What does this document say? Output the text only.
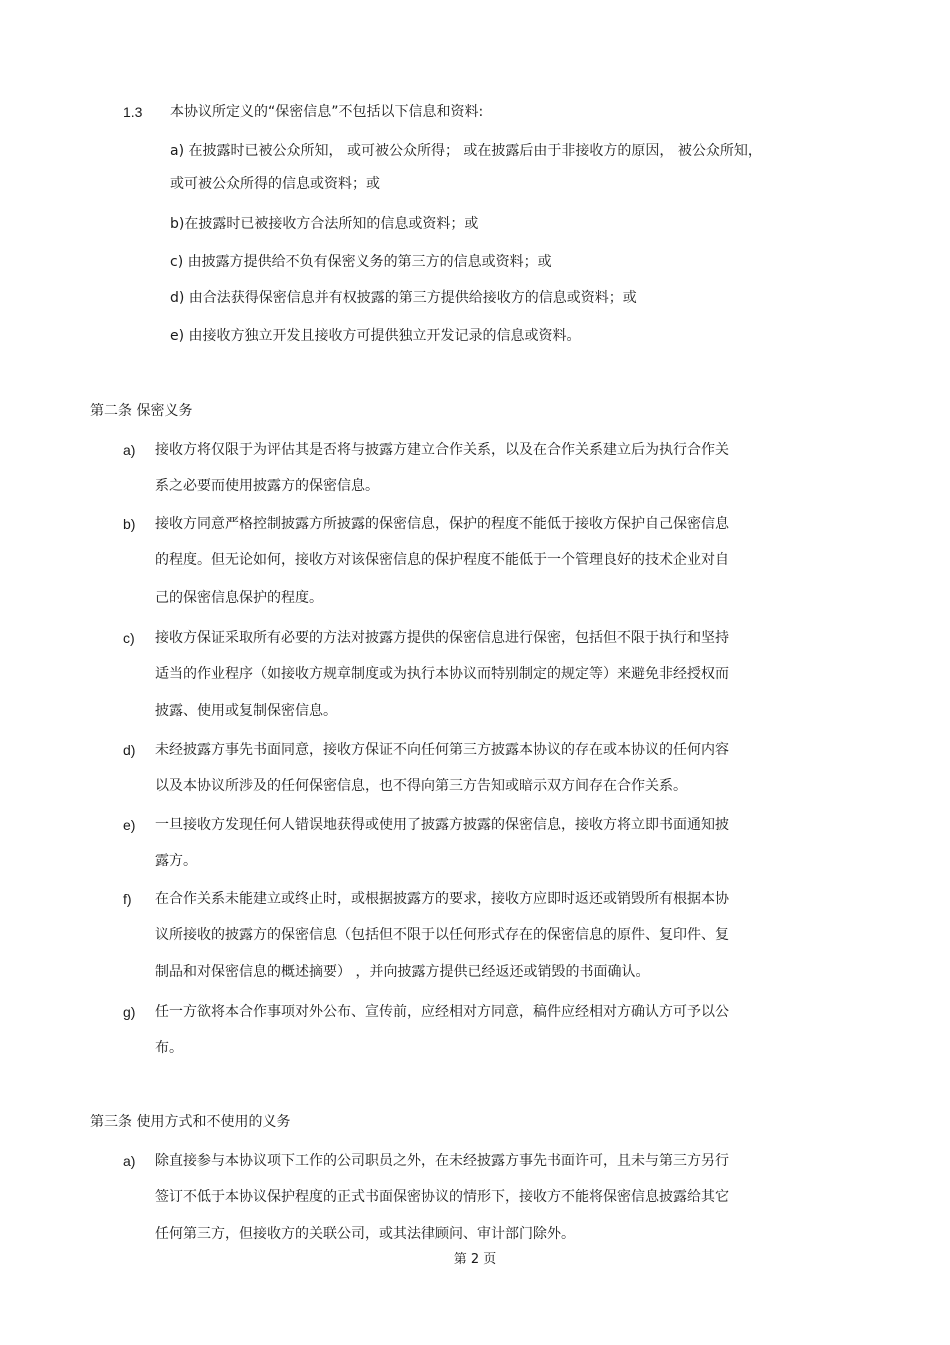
1.3 本协议所定义的“保密信息”不包括以下信息和资料:
a) 在披露时已被公众所知， 或可被公众所得； 或在披露后由于非接收方的原因， 被公众所知，
或可被公众所得的信息或资料；或
b)在披露时已被接收方合法所知的信息或资料；或
c) 由披露方提供给不负有保密义务的第三方的信息或资料；或
d) 由合法获得保密信息并有权披露的第三方提供给接收方的信息或资料；或
e) 由接收方独立开发且接收方可提供独立开发记录的信息或资料。
第二条 保密义务
a) 接收方将仅限于为评估其是否将与披露方建立合作关系，以及在合作关系建立后为执行合作关
系之必要而使用披露方的保密信息。
b) 接收方同意严格控制披露方所披露的保密信息，保护的程度不能低于接收方保护自己保密信息
的程度。但无论如何，接收方对该保密信息的保护程度不能低于一个管理良好的技术企业对自
己的保密信息保护的程度。
c) 接收方保证采取所有必要的方法对披露方提供的保密信息进行保密，包括但不限于执行和坚持
适当的作业程序（如接收方规章制度或为执行本协议而特别制定的规定等）来避免非经授权而
披露、使用或复制保密信息。
d) 未经披露方事先书面同意，接收方保证不向任何第三方披露本协议的存在或本协议的任何内容
以及本协议所涉及的任何保密信息，也不得向第三方告知或暗示双方间存在合作关系。
e) 一旦接收方发现任何人错误地获得或使用了披露方披露的保密信息，接收方将立即书面通知披
露方。
f) 在合作关系未能建立或终止时，或根据披露方的要求，接收方应即时返还或销毁所有根据本协
议所接收的披露方的保密信息（包括但不限于以任何形式存在的保密信息的原件、复印件、复
制品和对保密信息的概述摘要） ，并向披露方提供已经返还或销毁的书面确认。
g) 任一方欲将本合作事项对外公布、宣传前，应经相对方同意，稿件应经相对方确认方可予以公
布。
第三条 使用方式和不使用的义务
a) 除直接参与本协议项下工作的公司职员之外，在未经披露方事先书面许可，且未与第三方另行
签订不低于本协议保护程度的正式书面保密协议的情形下，接收方不能将保密信息披露给其它
任何第三方，但接收方的关联公司，或其法律顾问、审计部门除外。
第 2 页
